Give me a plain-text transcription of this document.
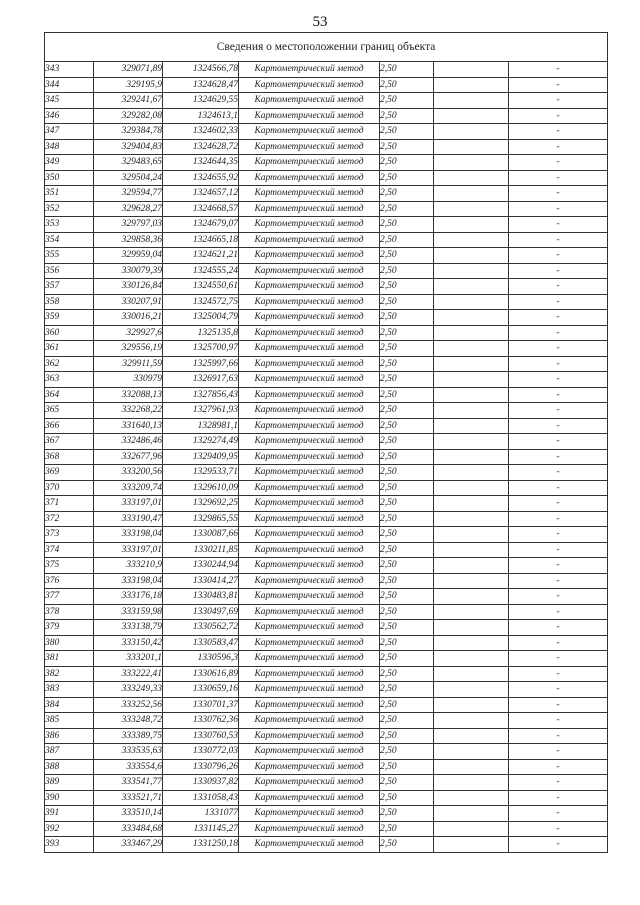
53
Сведения о местоположении границ объекта						
343	329071,89	1324566,78	Картометрический метод	2,50		-
344	329195,9	1324628,47	Картометрический метод	2,50		-
345	329241,67	1324629,55	Картометрический метод	2,50		-
346	329282,08	1324613,1	Картометрический метод	2,50		-
347	329384,78	1324602,33	Картометрический метод	2,50		-
348	329404,83	1324628,72	Картометрический метод	2,50		-
349	329483,65	1324644,35	Картометрический метод	2,50		-
350	329504,24	1324655,92	Картометрический метод	2,50		-
351	329594,77	1324657,12	Картометрический метод	2,50		-
352	329628,27	1324668,57	Картометрический метод	2,50		-
353	329797,03	1324679,07	Картометрический метод	2,50		-
354	329858,36	1324665,18	Картометрический метод	2,50		-
355	329959,04	1324621,21	Картометрический метод	2,50		-
356	330079,39	1324555,24	Картометрический метод	2,50		-
357	330126,84	1324550,61	Картометрический метод	2,50		-
358	330207,91	1324572,75	Картометрический метод	2,50		-
359	330016,21	1325004,79	Картометрический метод	2,50		-
360	329927,6	1325135,8	Картометрический метод	2,50		-
361	329556,19	1325700,97	Картометрический метод	2,50		-
362	329911,59	1325997,66	Картометрический метод	2,50		-
363	330979	1326917,63	Картометрический метод	2,50		-
364	332088,13	1327856,43	Картометрический метод	2,50		-
365	332268,22	1327961,93	Картометрический метод	2,50		-
366	331640,13	1328981,1	Картометрический метод	2,50		-
367	332486,46	1329274,49	Картометрический метод	2,50		-
368	332677,96	1329409,95	Картометрический метод	2,50		-
369	333200,56	1329533,71	Картометрический метод	2,50		-
370	333209,74	1329610,09	Картометрический метод	2,50		-
371	333197,01	1329692,25	Картометрический метод	2,50		-
372	333190,47	1329865,55	Картометрический метод	2,50		-
373	333198,04	1330087,66	Картометрический метод	2,50		-
374	333197,01	1330211,85	Картометрический метод	2,50		-
375	333210,9	1330244,94	Картометрический метод	2,50		-
376	333198,04	1330414,27	Картометрический метод	2,50		-
377	333176,18	1330483,81	Картометрический метод	2,50		-
378	333159,98	1330497,69	Картометрический метод	2,50		-
379	333138,79	1330562,72	Картометрический метод	2,50		-
380	333150,42	1330583,47	Картометрический метод	2,50		-
381	333201,1	1330596,3	Картометрический метод	2,50		-
382	333222,41	1330616,89	Картометрический метод	2,50		-
383	333249,33	1330659,16	Картометрический метод	2,50		-
384	333252,56	1330701,37	Картометрический метод	2,50		-
385	333248,72	1330762,36	Картометрический метод	2,50		-
386	333389,75	1330760,53	Картометрический метод	2,50		-
387	333535,63	1330772,03	Картометрический метод	2,50		-
388	333554,6	1330796,26	Картометрический метод	2,50		-
389	333541,77	1330937,82	Картометрический метод	2,50		-
390	333521,71	1331058,43	Картометрический метод	2,50		-
391	333510,14	1331077	Картометрический метод	2,50		-
392	333484,68	1331145,27	Картометрический метод	2,50		-
393	333467,29	1331250,18	Картометрический метод	2,50		-
